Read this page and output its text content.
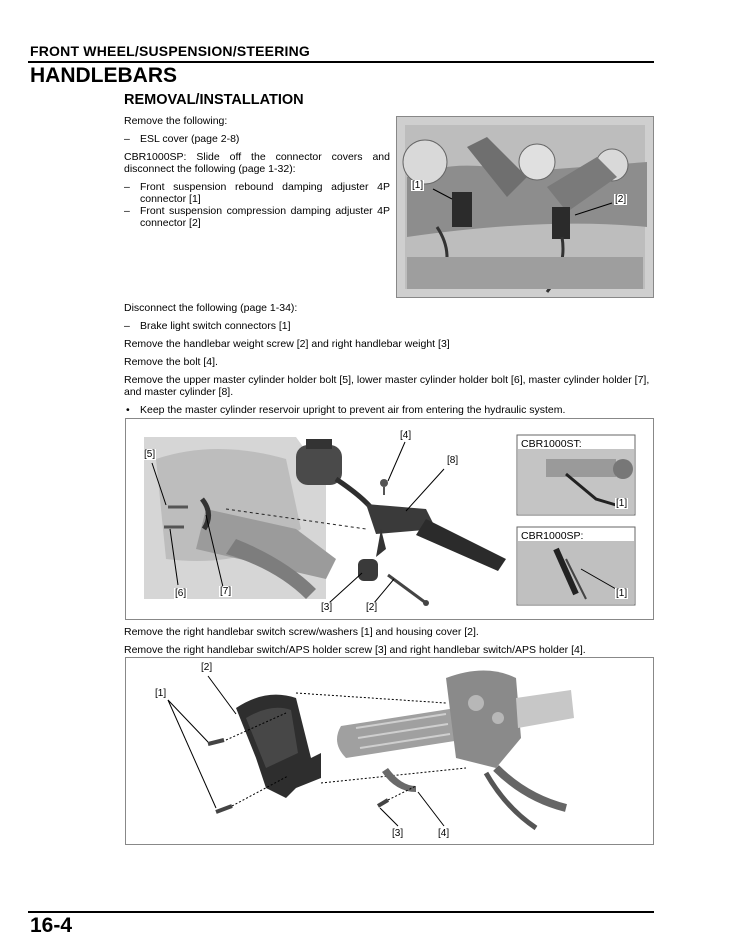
FRONT WHEEL/SUSPENSION/STEERING
HANDLEBARS
REMOVAL/INSTALLATION
Remove the following:
– ESL cover (page 2-8)
CBR1000SP: Slide off the connector covers and disconnect the following (page 1-32):
– Front suspension rebound damping adjuster 4P connector [1]
– Front suspension compression damping adjuster 4P connector [2]
[1]
[2]
Disconnect the following (page 1-34):
– Brake light switch connectors [1]
Remove the handlebar weight screw [2] and right handlebar weight [3]
Remove the bolt [4].
Remove the upper master cylinder holder bolt [5], lower master cylinder holder bolt [6], master cylinder holder [7], and master cylinder [8].
• Keep the master cylinder reservoir upright to prevent air from entering the hydraulic system.
[4]
[5]
[8]
[6]	[7]
[3]	[2]
CBR1000ST:
[1]
CBR1000SP:
[1]
Remove the right handlebar switch screw/washers [1] and housing cover [2].
Remove the right handlebar switch/APS holder screw [3] and right handlebar switch/APS holder [4].
[2]
[1]
[3]	[4]
16-4
